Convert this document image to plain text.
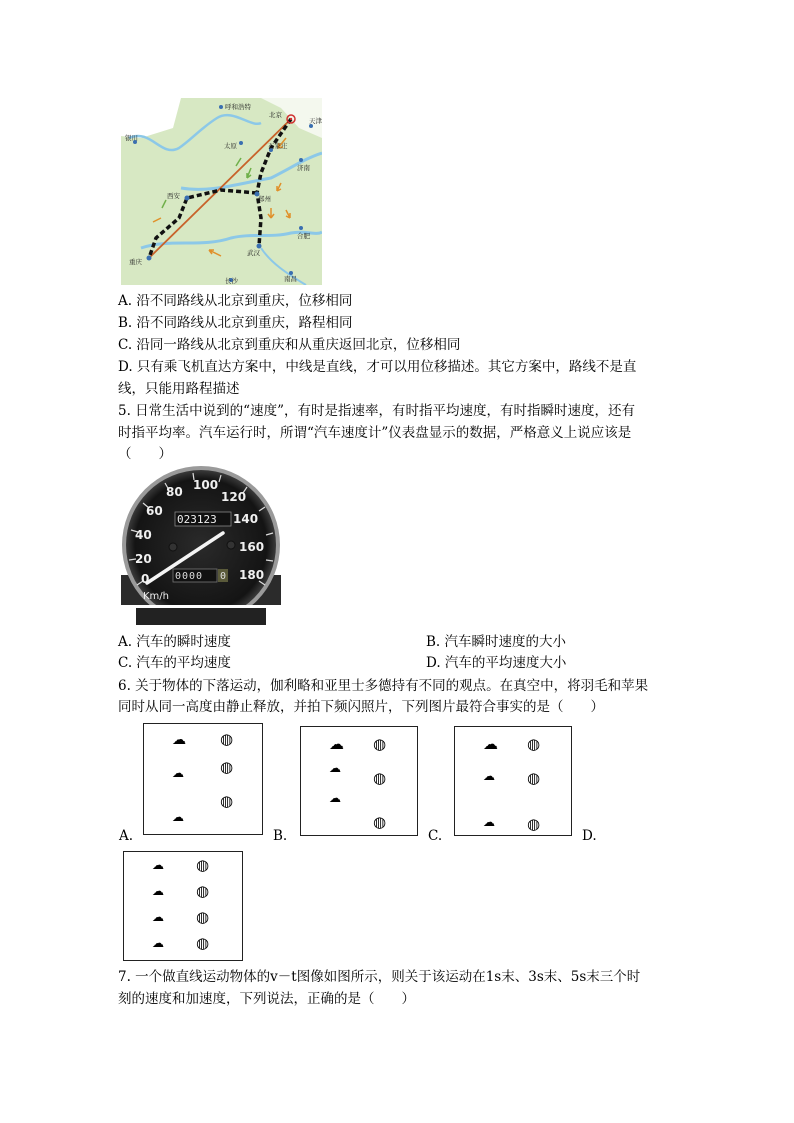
呼和浩特
北京
天津
银川
太原	石家庄
济南
西安	郑州
合肥
武汉
重庆
南昌
长沙
A. 沿不同路线从北京到重庆，位移相同
B. 沿不同路线从北京到重庆，路程相同
C. 沿同一路线从北京到重庆和从重庆返回北京，位移相同
D. 只有乘飞机直达方案中，中线是直线，才可以用位移描述。其它方案中，路线不是直
线，只能用路程描述
5. 日常生活中说到的“速度”，有时是指速率，有时指平均速度，有时指瞬时速度，还有
时指平均率。汽车运行时，所谓“汽车速度计”仪表盘显示的数据，严格意义上说应该是
（　　）
0
20
40
60
80 100
120
140
160
180
023123
0000 0
Km/h
A. 汽车的瞬时速度	B. 汽车瞬时速度的大小
C. 汽车的平均速度	D. 汽车的平均速度大小
6. 关于物体的下落运动，伽利略和亚里士多德持有不同的观点。在真空中，将羽毛和苹果
同时从同一高度由静止释放，并拍下频闪照片，下列图片最符合事实的是（　　）
☁
☁
☁
◍
◍
◍
A.
☁
☁
☁
◍
◍
◍
B.
☁
☁
☁
◍
◍
◍
C.	D.
☁
☁
☁
☁
◍
◍
◍
◍
7. 一个做直线运动物体的v－t图像如图所示，则关于该运动在1s末、3s末、5s末三个时
刻的速度和加速度，下列说法，正确的是（　　）
